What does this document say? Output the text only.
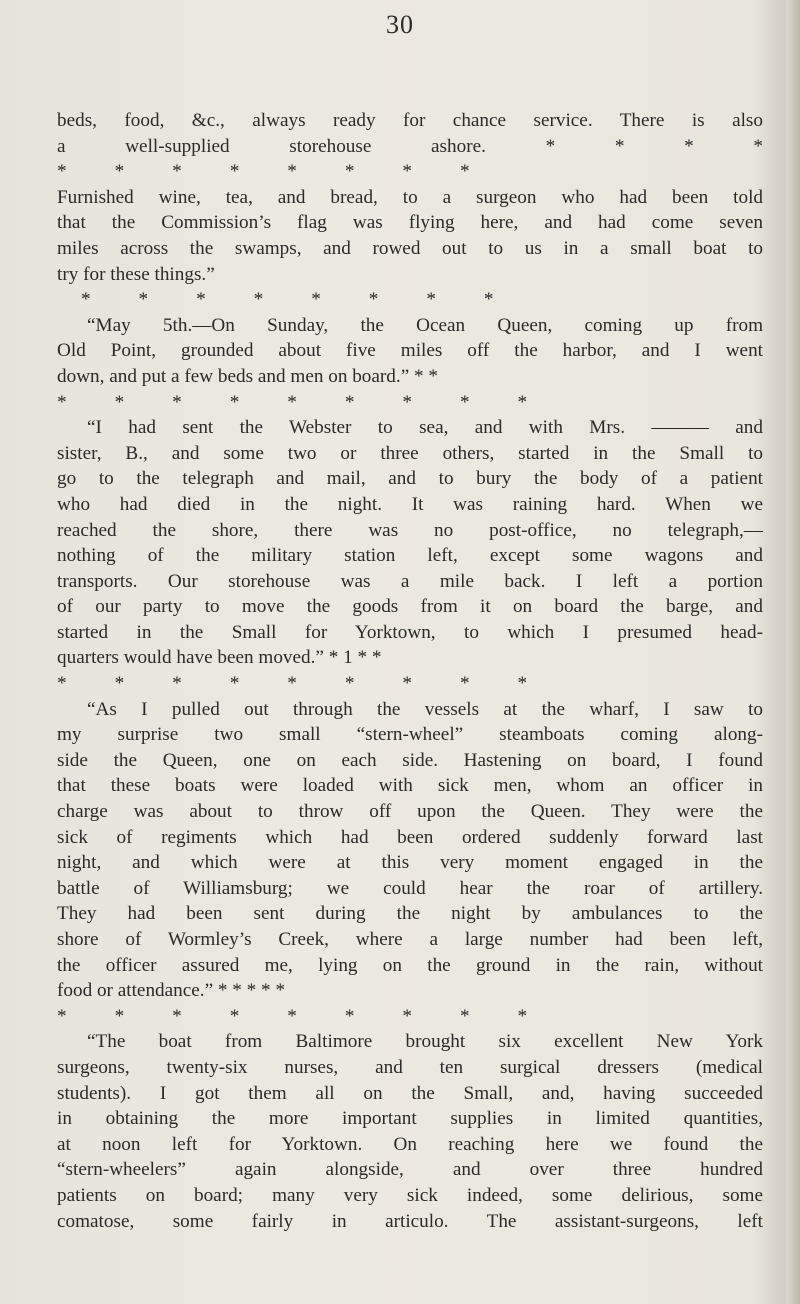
30
beds, food, &c., always ready for chance service. There is also
a well-supplied storehouse ashore. * * * *
*          *          *          *          *          *          *          *
Furnished wine, tea, and bread, to a surgeon who had been told
that the Commission’s flag was flying here, and had come seven
miles across the swamps, and rowed out to us in a small boat to
try for these things.”
*          *          *          *          *          *          *          *
“May 5th.—On Sunday, the Ocean Queen, coming up from
Old Point, grounded about five miles off the harbor, and I went
down, and put a few beds and men on board.” * *
*          *          *          *          *          *          *          *          *
“I had sent the Webster to sea, and with Mrs. ——— and
sister, B., and some two or three others, started in the Small to
go to the telegraph and mail, and to bury the body of a patient
who had died in the night. It was raining hard. When we
reached the shore, there was no post-office, no telegraph,—
nothing of the military station left, except some wagons and
transports. Our storehouse was a mile back. I left a portion
of our party to move the goods from it on board the barge, and
started in the Small for Yorktown, to which I presumed head-
quarters would have been moved.” * 1 * *
*          *          *          *          *          *          *          *          *
“As I pulled out through the vessels at the wharf, I saw to
my surprise two small “stern-wheel” steamboats coming along-
side the Queen, one on each side. Hastening on board, I found
that these boats were loaded with sick men, whom an officer in
charge was about to throw off upon the Queen. They were the
sick of regiments which had been ordered suddenly forward last
night, and which were at this very moment engaged in the
battle of Williamsburg; we could hear the roar of artillery.
They had been sent during the night by ambulances to the
shore of Wormley’s Creek, where a large number had been left,
the officer assured me, lying on the ground in the rain, without
food or attendance.” * * * * *
*          *          *          *          *          *          *          *          *
“The boat from Baltimore brought six excellent New York
surgeons, twenty-six nurses, and ten surgical dressers (medical
students). I got them all on the Small, and, having succeeded
in obtaining the more important supplies in limited quantities,
at noon left for Yorktown. On reaching here we found the
“stern-wheelers” again alongside, and over three hundred
patients on board; many very sick indeed, some delirious, some
comatose, some fairly in articulo. The assistant-surgeons, left
